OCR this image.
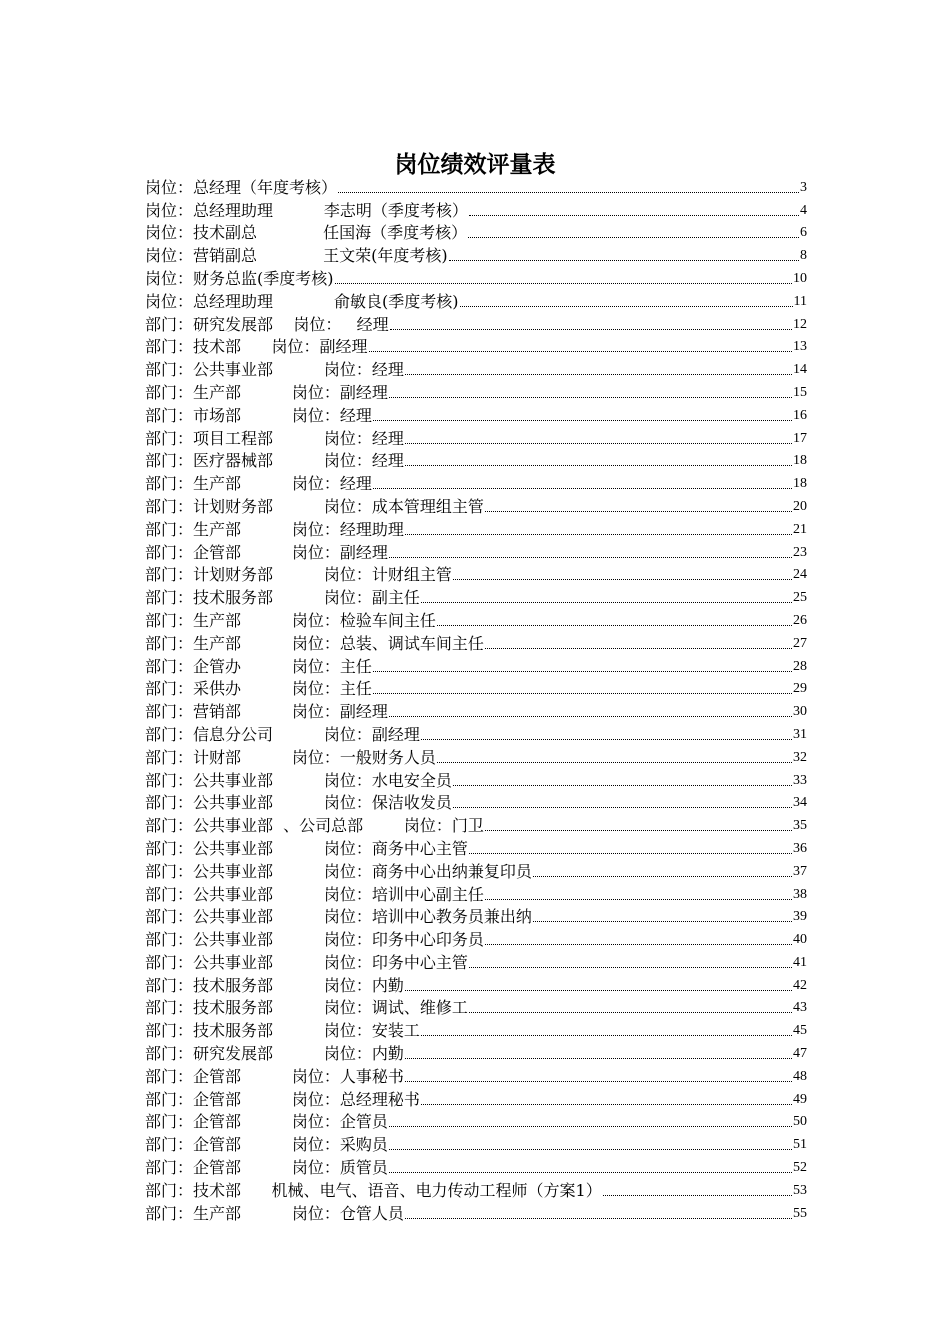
岗位绩效评量表
岗位：总经理（年度考核）	3
岗位：总经理助理          李志明（季度考核）	4
岗位：技术副总             任国海（季度考核）	6
岗位：营销副总             王文荣(年度考核)	8
岗位：财务总监(季度考核)	10
岗位：总经理助理            俞敏良(季度考核)	11
部门：研究发展部    岗位：   经理	12
部门：技术部      岗位：副经理	13
部门：公共事业部          岗位：经理	14
部门：生产部          岗位：副经理	15
部门：市场部          岗位：经理	16
部门：项目工程部          岗位：经理	17
部门：医疗器械部          岗位：经理	18
部门：生产部          岗位：经理	18
部门：计划财务部          岗位：成本管理组主管	20
部门：生产部          岗位：经理助理	21
部门：企管部          岗位：副经理	23
部门：计划财务部          岗位：计财组主管	24
部门：技术服务部          岗位：副主任	25
部门：生产部          岗位：检验车间主任	26
部门：生产部          岗位：总装、调试车间主任	27
部门：企管办          岗位：主任	28
部门：采供办          岗位：主任	29
部门：营销部          岗位：副经理	30
部门：信息分公司          岗位：副经理	31
部门：计财部          岗位：一般财务人员	32
部门：公共事业部          岗位：水电安全员	33
部门：公共事业部          岗位：保洁收发员	34
部门：公共事业部  、公司总部        岗位：门卫	35
部门：公共事业部          岗位：商务中心主管	36
部门：公共事业部          岗位：商务中心出纳兼复印员	37
部门：公共事业部          岗位：培训中心副主任	38
部门：公共事业部          岗位：培训中心教务员兼出纳	39
部门：公共事业部          岗位：印务中心印务员	40
部门：公共事业部          岗位：印务中心主管	41
部门：技术服务部          岗位：内勤	42
部门：技术服务部          岗位：调试、维修工	43
部门：技术服务部          岗位：安装工	45
部门：研究发展部          岗位：内勤	47
部门：企管部          岗位：人事秘书	48
部门：企管部          岗位：总经理秘书	49
部门：企管部          岗位：企管员	50
部门：企管部          岗位：采购员	51
部门：企管部          岗位：质管员	52
部门：技术部      机械、电气、语音、电力传动工程师（方案1）	53
部门：生产部          岗位：仓管人员	55
